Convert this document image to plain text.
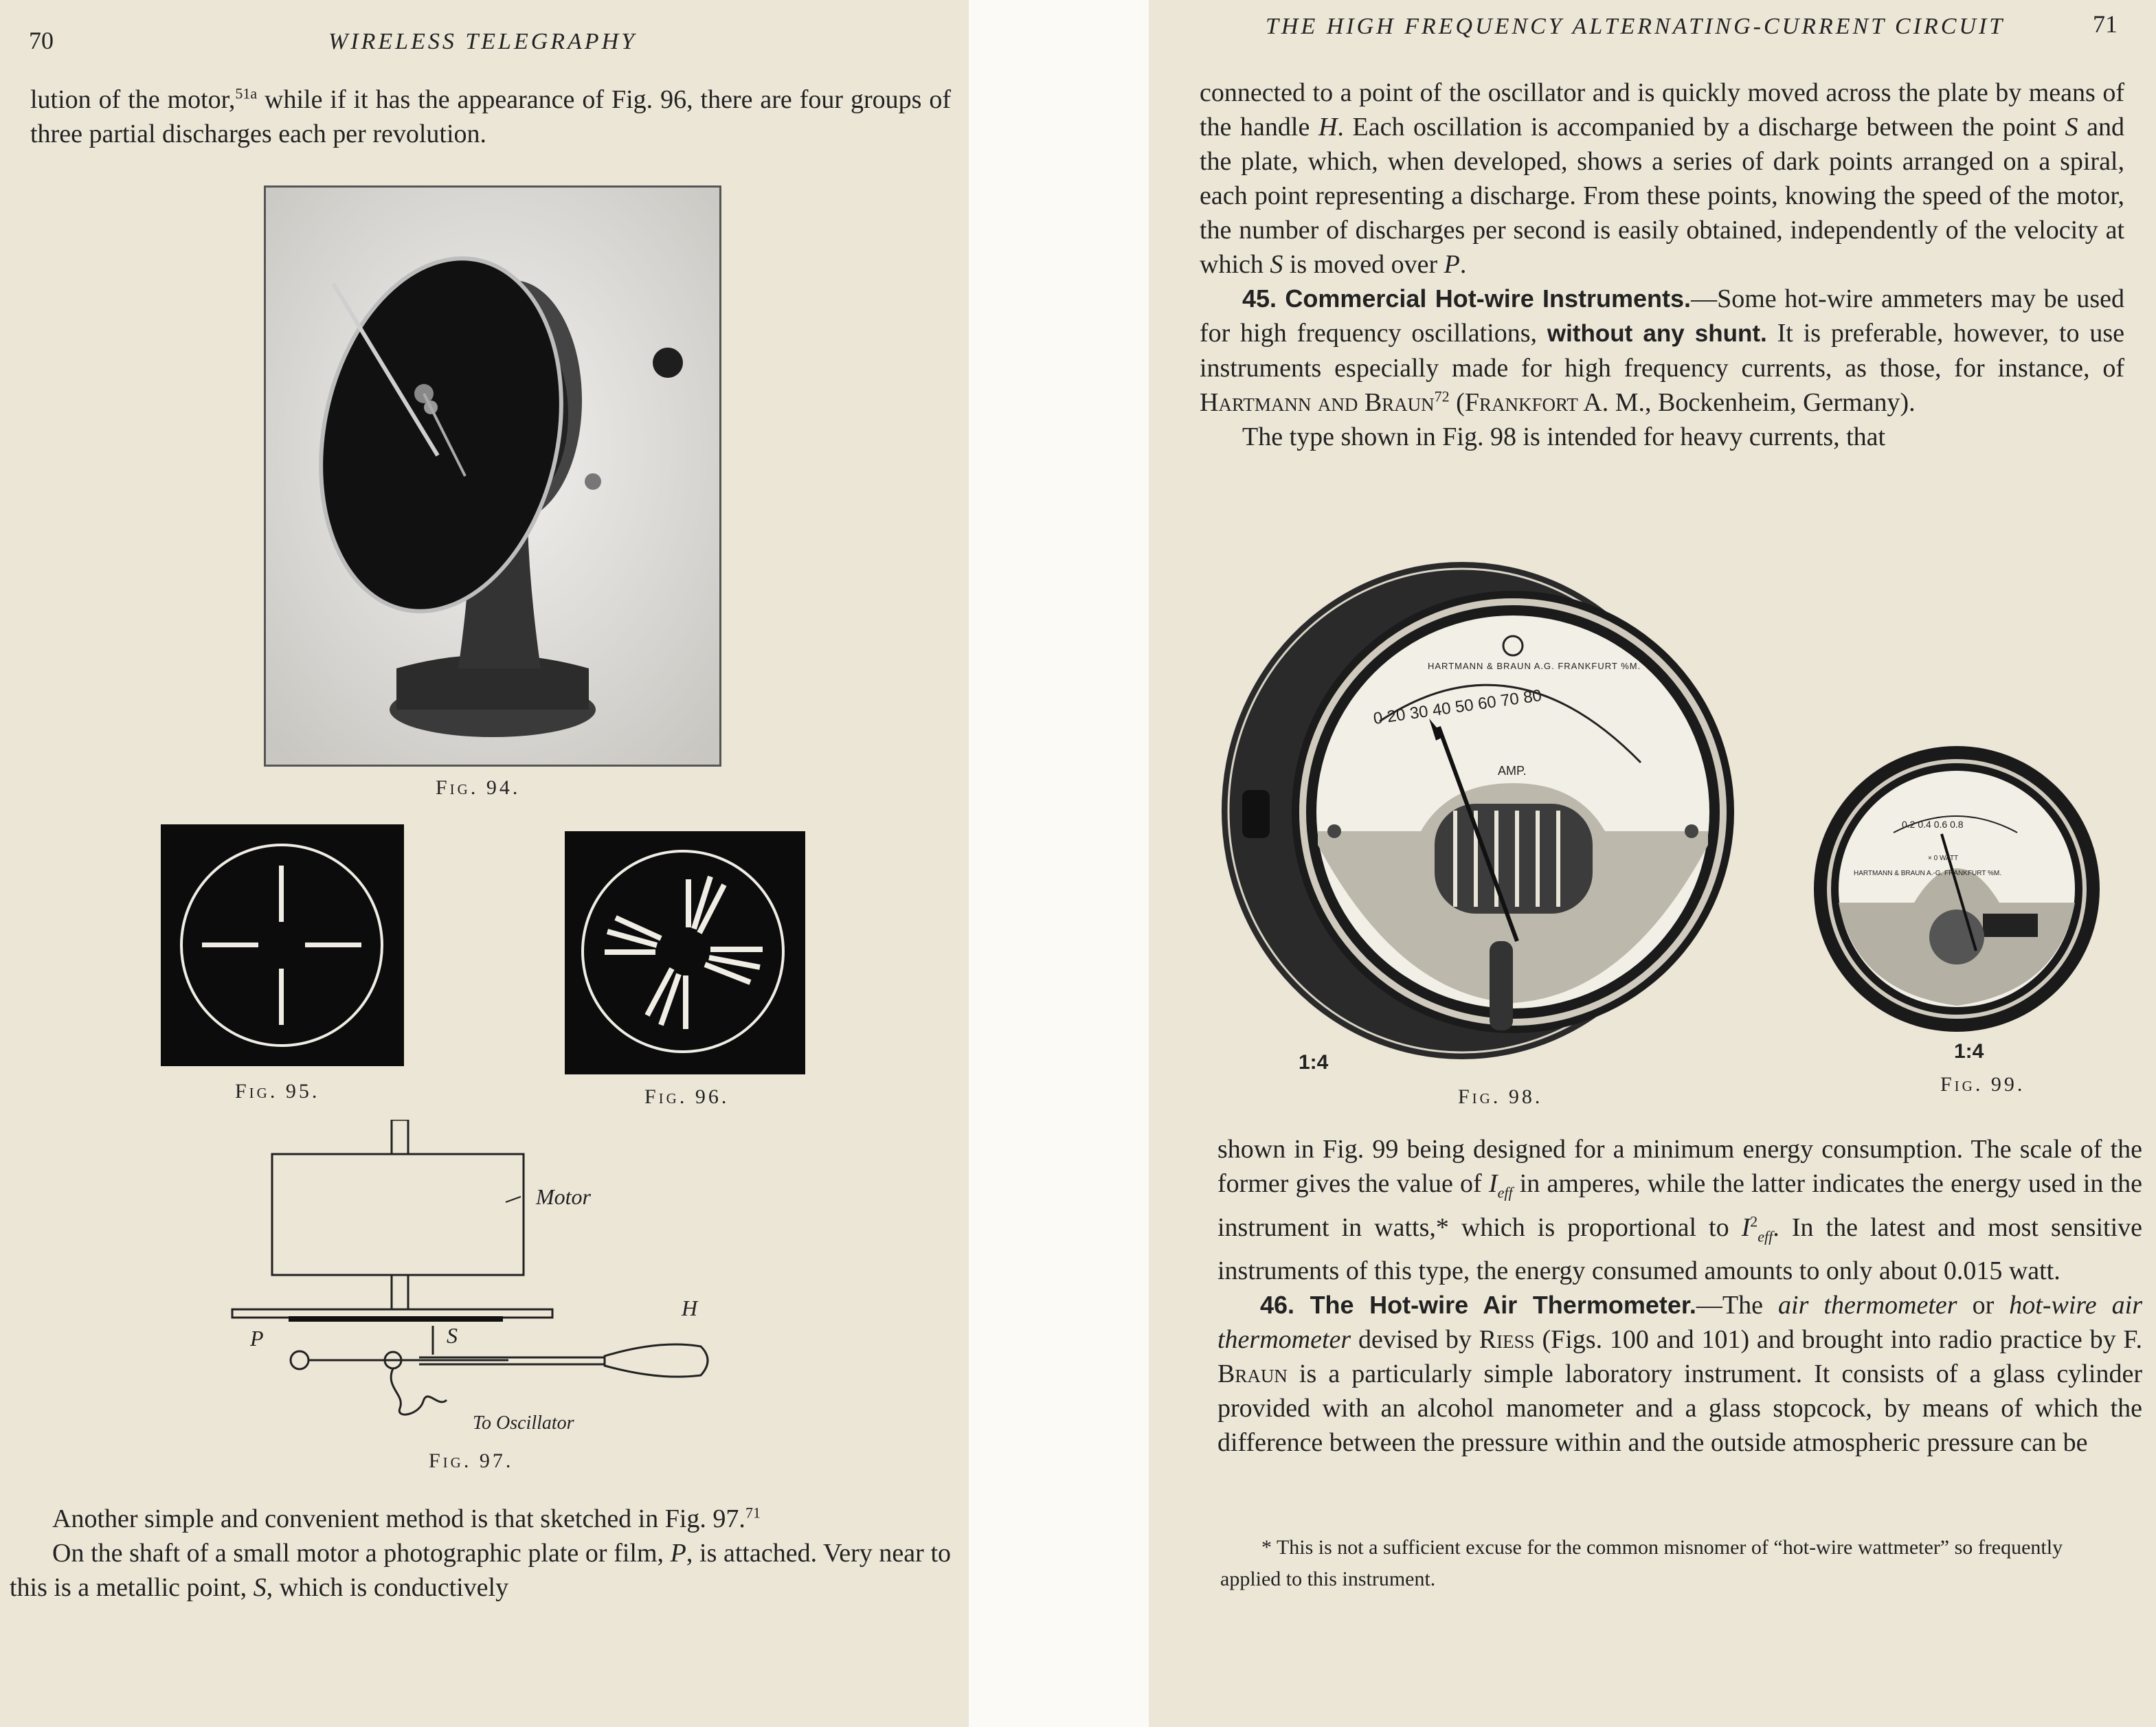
70	WIRELESS TELEGRAPHY

lution of the motor,$^{51a}$ while if it has the appearance of Fig. 96, there are four groups of three partial discharges each per revolution.

Fig. 94.
Fig. 95.	Fig. 96.
Motor
P	S
H
To Oscillator
Fig. 97.

Another simple and convenient method is that sketched in Fig. 97.71

On the shaft of a small motor a photographic plate or film, P, is attached. Very near to this is a metallic point, S, which is conductively

THE HIGH FREQUENCY ALTERNATING-CURRENT CIRCUIT	71

connected to a point of the oscillator and is quickly moved across the plate by means of the handle H. Each oscillation is accompanied by a discharge between the point S and the plate, which, when developed, shows a series of dark points arranged on a spiral, each point representing a discharge. From these points, knowing the speed of the motor, the number of discharges per second is easily obtained, independently of the velocity at which S is moved over P.

45. Commercial Hot-wire Instruments.—Some hot-wire ammeters may be used for high frequency oscillations, without any shunt. It is preferable, however, to use instruments especially made for high frequency currents, as those, for instance, of Hartmann and Braun$^{72}$ (Frankfort A. M., Bockenheim, Germany).

The type shown in Fig. 98 is intended for heavy currents, that

HARTMANN & BRAUN A.G. FRANKFURT %M.
0 20 30 40 50 60 70 80
AMP.
1:4
Fig. 98.
0.2 0.4 0.6 0.8
× 0 WATT
HARTMANN & BRAUN A.-G. FRANKFURT %M.
1:4
Fig. 99.

shown in Fig. 99 being designed for a minimum energy consumption. The scale of the former gives the value of $I_{eff}$ in amperes, while the latter indicates the energy used in the instrument in watts,* which is proportional to $I^2_{eff}$. In the latest and most sensitive instruments of this type, the energy consumed amounts to only about 0.015 watt.

46. The Hot-wire Air Thermometer.—The air thermometer or hot-wire air thermometer devised by Riess (Figs. 100 and 101) and brought into radio practice by F. Braun is a particularly simple laboratory instrument. It consists of a glass cylinder provided with an alcohol manometer and a glass stopcock, by means of which the difference between the pressure within and the outside atmospheric pressure can be

* This is not a sufficient excuse for the common misnomer of “hot-wire wattmeter” so frequently applied to this instrument.
